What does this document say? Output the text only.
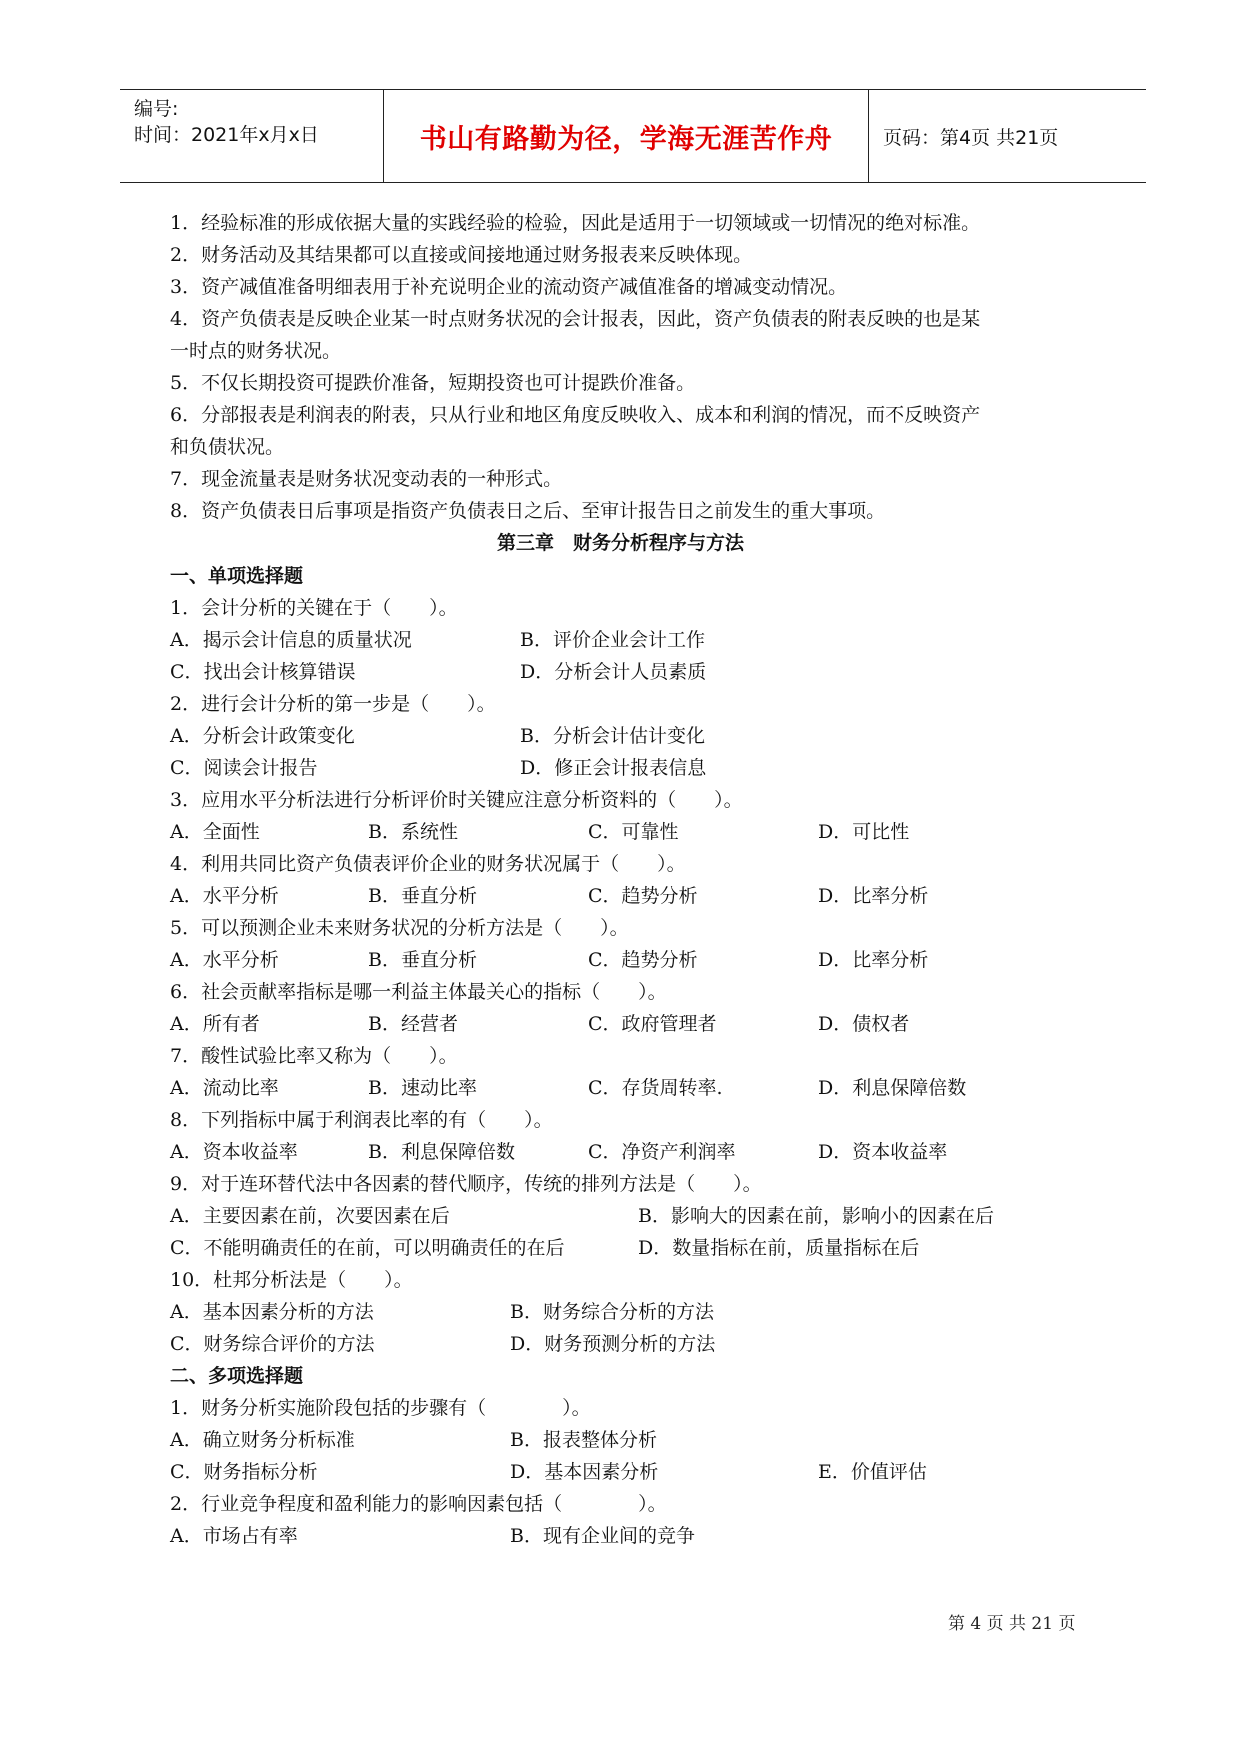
编号:
时间：2021年x月x日	书山有路勤为径，学海无涯苦作舟	页码：第4页 共21页
1．经验标准的形成依据大量的实践经验的检验，因此是适用于一切领域或一切情况的绝对标准。
2．财务活动及其结果都可以直接或间接地通过财务报表来反映体现。
3．资产减值准备明细表用于补充说明企业的流动资产减值准备的增减变动情况。
4．资产负债表是反映企业某一时点财务状况的会计报表，因此，资产负债表的附表反映的也是某
一时点的财务状况。
5．不仅长期投资可提跌价准备，短期投资也可计提跌价准备。
6．分部报表是利润表的附表，只从行业和地区角度反映收入、成本和利润的情况，而不反映资产
和负债状况。
7．现金流量表是财务状况变动表的一种形式。
8．资产负债表日后事项是指资产负债表日之后、至审计报告日之前发生的重大事项。
第三章　财务分析程序与方法
一、单项选择题
1．会计分析的关键在于（　　）。
A．揭示会计信息的质量状况	B．评价企业会计工作
C．找出会计核算错误	D．分析会计人员素质
2．进行会计分析的第一步是（　　）。
A．分析会计政策变化	B．分析会计估计变化
C．阅读会计报告	D．修正会计报表信息
3．应用水平分析法进行分析评价时关键应注意分析资料的（　　）。
A．全面性	B．系统性	C．可靠性	D．可比性
4．利用共同比资产负债表评价企业的财务状况属于（　　）。
A．水平分析	B．垂直分析	C．趋势分析	D．比率分析
5．可以预测企业未来财务状况的分析方法是（　　）。
A．水平分析	B．垂直分析	C．趋势分析	D．比率分析
6．社会贡献率指标是哪一利益主体最关心的指标（　　）。
A．所有者	B．经营者	C．政府管理者	D．债权者
7．酸性试验比率又称为（　　）。
A．流动比率	B．速动比率	C．存货周转率.	D．利息保障倍数
8．下列指标中属于利润表比率的有（　　）。
A．资本收益率	B．利息保障倍数	C．净资产利润率	D．资本收益率
9．对于连环替代法中各因素的替代顺序，传统的排列方法是（　　）。
A．主要因素在前，次要因素在后	B．影响大的因素在前，影响小的因素在后
C．不能明确责任的在前，可以明确责任的在后	D．数量指标在前，质量指标在后
10．杜邦分析法是（　　）。
A．基本因素分析的方法	B．财务综合分析的方法
C．财务综合评价的方法	D．财务预测分析的方法
二、多项选择题
1．财务分析实施阶段包括的步骤有（　　　　）。
A．确立财务分析标准	B．报表整体分析
C．财务指标分析	D．基本因素分析	E．价值评估
2．行业竞争程度和盈利能力的影响因素包括（　　　　）。
A．市场占有率	B．现有企业间的竞争
第 4 页 共 21 页
